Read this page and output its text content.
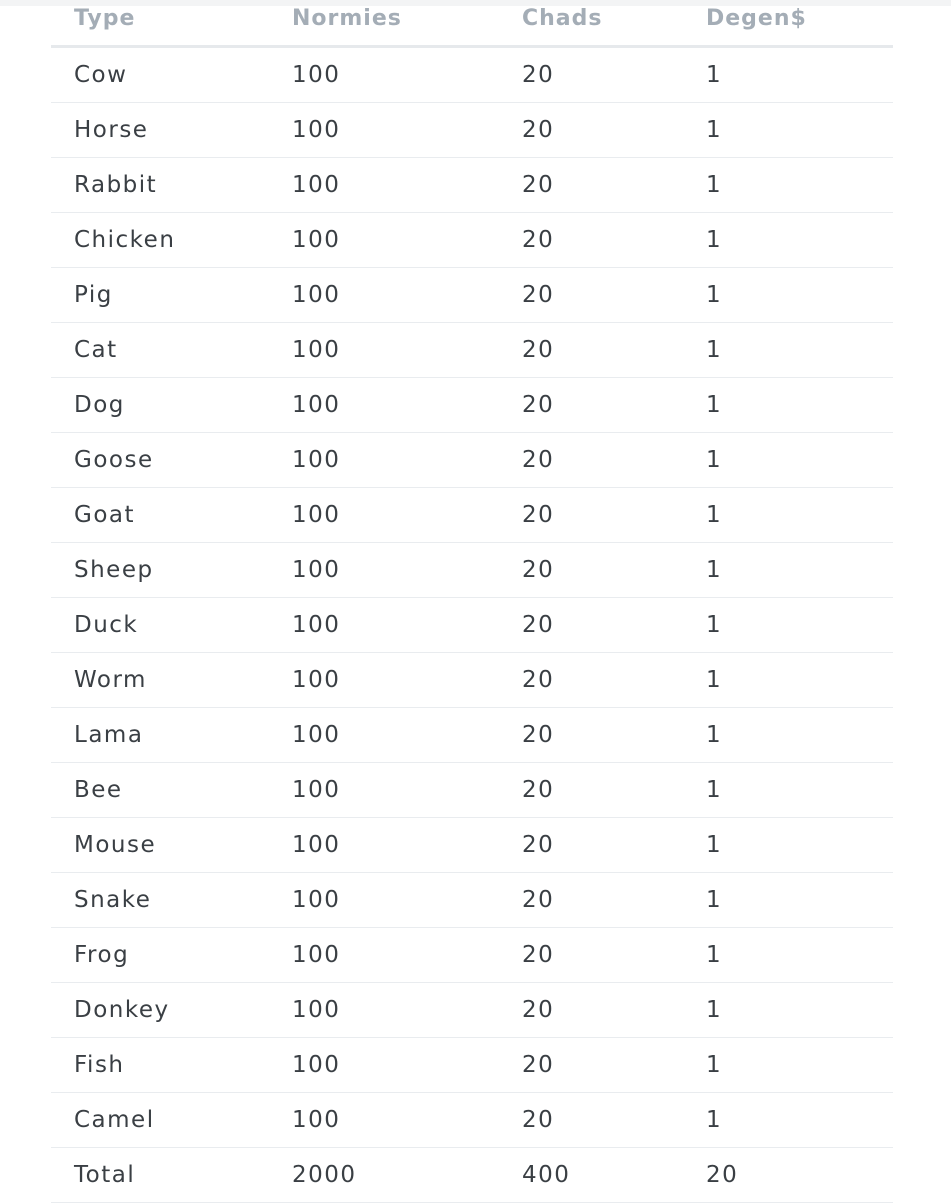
Type	Normies	Chads	Degen$
Cow	100	20	1
Horse	100	20	1
Rabbit	100	20	1
Chicken	100	20	1
Pig	100	20	1
Cat	100	20	1
Dog	100	20	1
Goose	100	20	1
Goat	100	20	1
Sheep	100	20	1
Duck	100	20	1
Worm	100	20	1
Lama	100	20	1
Bee	100	20	1
Mouse	100	20	1
Snake	100	20	1
Frog	100	20	1
Donkey	100	20	1
Fish	100	20	1
Camel	100	20	1
Total	2000	400	20
